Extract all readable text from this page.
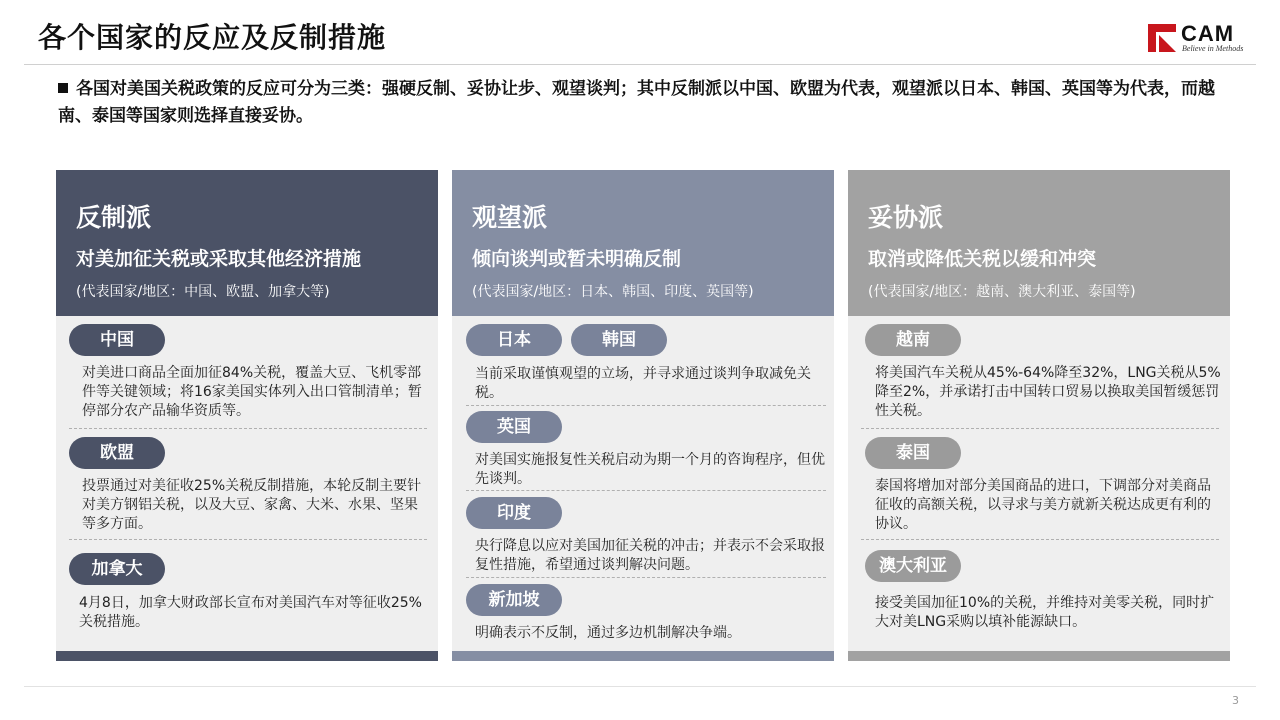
各个国家的反应及反制措施	CAM
Believe in Methods
各国对美国关税政策的反应可分为三类：强硬反制、妥协让步、观望谈判；其中反制派以中国、欧盟为代表，观望派以日本、韩国、英国等为代表，而越南、泰国等国家则选择直接妥协。
反制派
对美加征关税或采取其他经济措施
(代表国家/地区：中国、欧盟、加拿大等)
中国
对美进口商品全面加征84%关税，覆盖大豆、飞机零部件等关键领域；将16家美国实体列入出口管制清单；暂停部分农产品输华资质等。
欧盟
投票通过对美征收25%关税反制措施，本轮反制主要针对美方钢铝关税，以及大豆、家禽、大米、水果、坚果等多方面。
加拿大
4月8日，加拿大财政部长宣布对美国汽车对等征收25%关税措施。
观望派
倾向谈判或暂未明确反制
(代表国家/地区：日本、韩国、印度、英国等)
日本	韩国
当前采取谨慎观望的立场，并寻求通过谈判争取减免关税。
英国
对美国实施报复性关税启动为期一个月的咨询程序，但优先谈判。
印度
央行降息以应对美国加征关税的冲击；并表示不会采取报复性措施，希望通过谈判解决问题。
新加坡
明确表示不反制，通过多边机制解决争端。
妥协派
取消或降低关税以缓和冲突
(代表国家/地区：越南、澳大利亚、泰国等)
越南
将美国汽车关税从45%-64%降至32%，LNG关税从5%降至2%，并承诺打击中国转口贸易以换取美国暂缓惩罚性关税。
泰国
泰国将增加对部分美国商品的进口，下调部分对美商品征收的高额关税，以寻求与美方就新关税达成更有利的协议。
澳大利亚
接受美国加征10%的关税，并维持对美零关税，同时扩大对美LNG采购以填补能源缺口。
3
